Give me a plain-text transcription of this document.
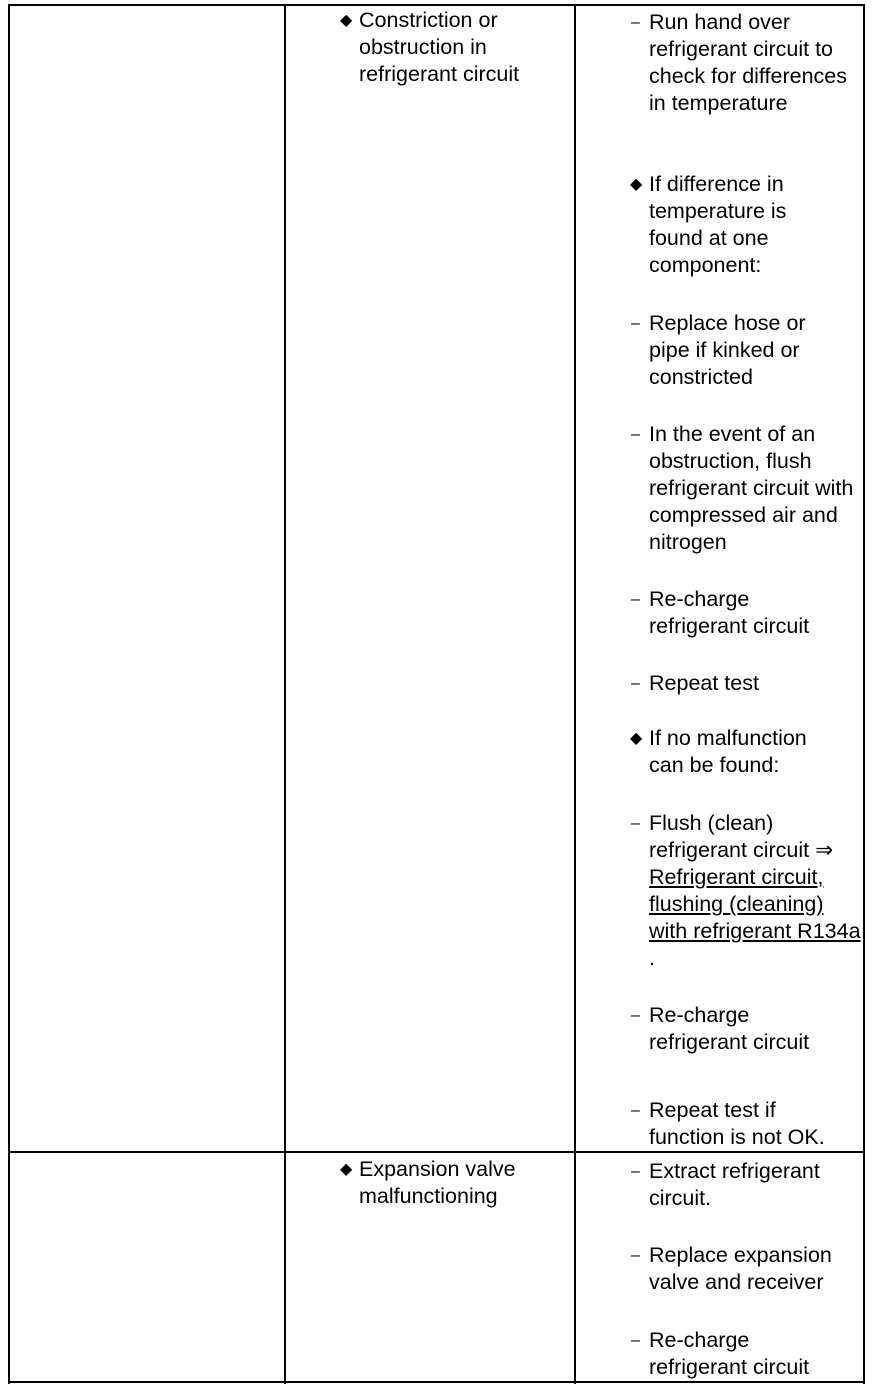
◆ Constriction or obstruction in refrigerant circuit
– Run hand over refrigerant circuit to check for differences in temperature
◆ If difference in temperature is found at one component:
– Replace hose or pipe if kinked or constricted
– In the event of an obstruction, flush refrigerant circuit with compressed air and nitrogen
– Re-charge refrigerant circuit
– Repeat test
◆ If no malfunction can be found:
– Flush (clean) refrigerant circuit ⇒
Refrigerant circuit, flushing (cleaning) with refrigerant R134a .
– Re-charge refrigerant circuit
– Repeat test if function is not OK.
◆ Expansion valve malfunctioning
– Extract refrigerant circuit.
– Replace expansion valve and receiver
– Re-charge refrigerant circuit
